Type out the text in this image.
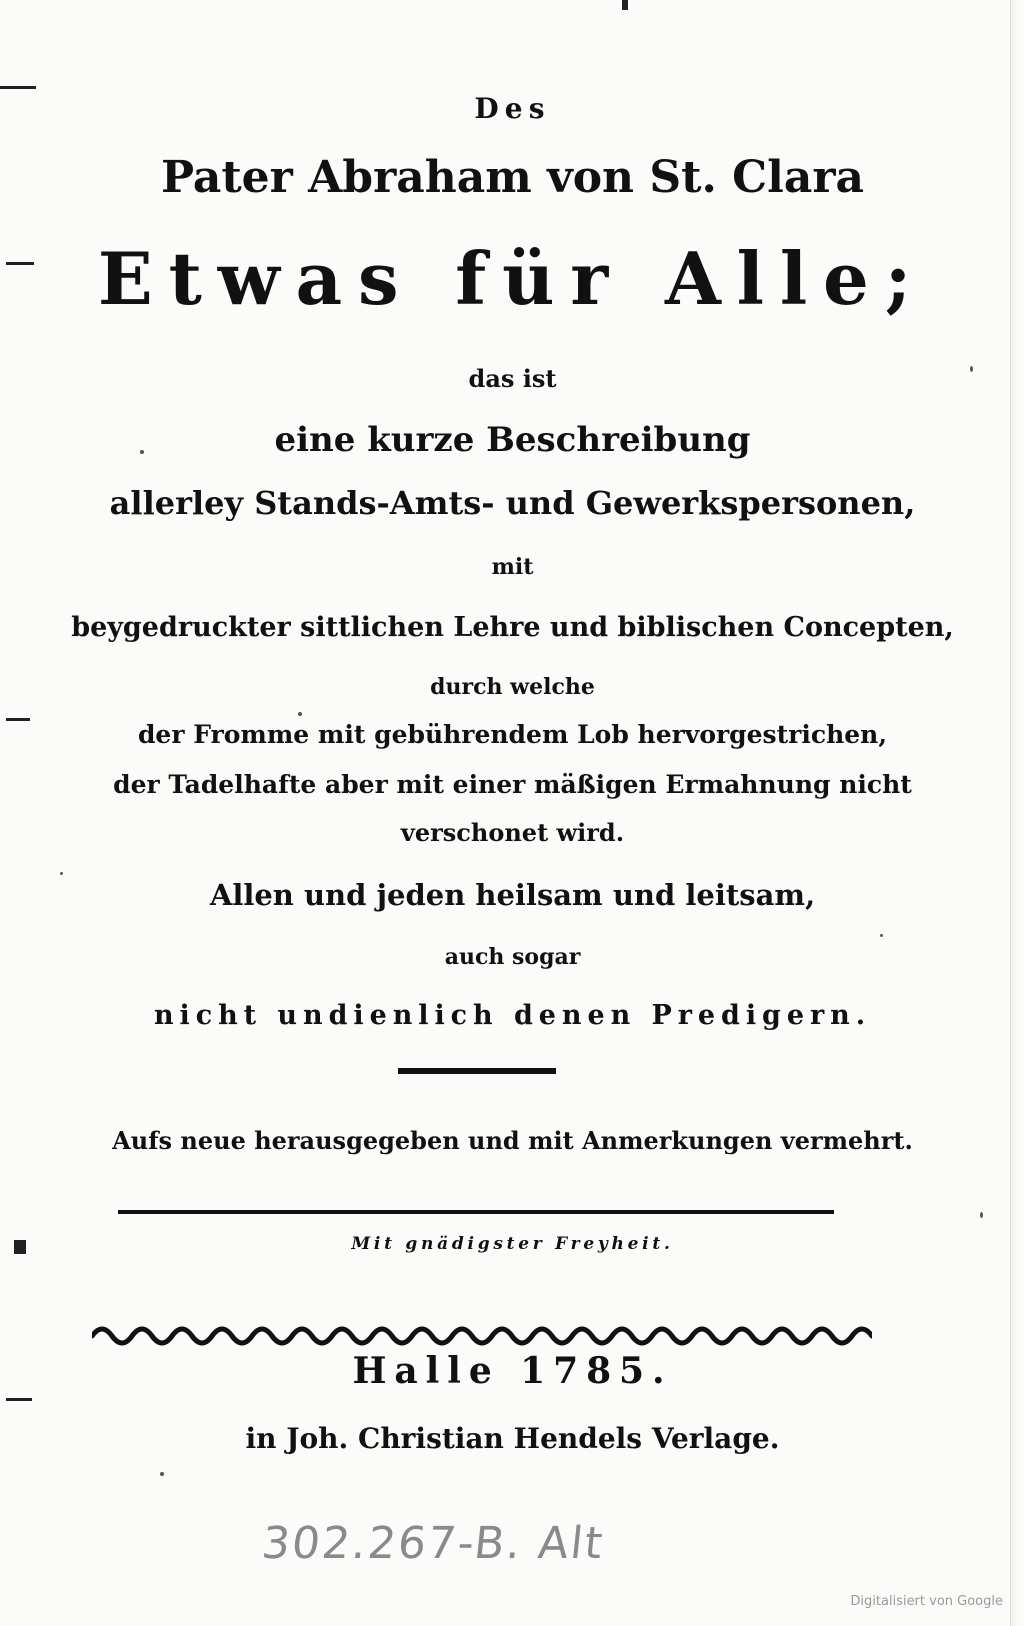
Des
Pater Abraham von St. Clara
Etwas für Alle;
das ist
eine kurze Beschreibung
allerley Stands-Amts- und Gewerkspersonen,
mit
beygedruckter sittlichen Lehre und biblischen Concepten,
durch welche
der Fromme mit gebührendem Lob hervorgestrichen,
der Tadelhafte aber mit einer mäßigen Ermahnung nicht
verschonet wird.
Allen und jeden heilsam und leitsam,
auch sogar
nicht undienlich denen Predigern.
Aufs neue herausgegeben und mit Anmerkungen vermehrt.
Mit gnädigster Freyheit.
Halle 1785.
in Joh. Christian Hendels Verlage.
302.267-B. Alt
Digitalisiert von Google
